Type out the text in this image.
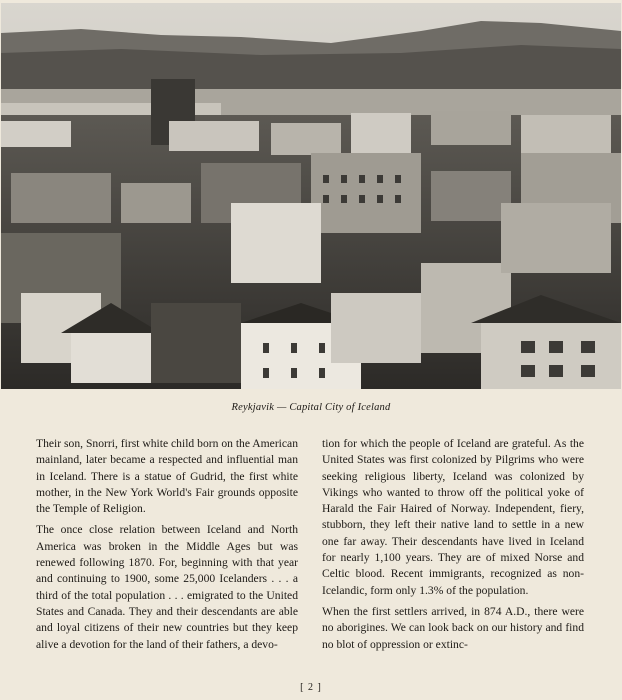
Reykjavik — Capital City of Iceland

Their son, Snorri, first white child born on the American mainland, later became a respected and influential man in Iceland. There is a statue of Gudrid, the first white mother, in the New York World's Fair grounds opposite the Temple of Religion.

The once close relation between Iceland and North America was broken in the Middle Ages but was renewed following 1870. For, beginning with that year and continuing to 1900, some 25,000 Icelanders . . . a third of the total population . . . emigrated to the United States and Canada. They and their descendants are able and loyal citizens of their new countries but they keep alive a devotion for the land of their fathers, a devo-

tion for which the people of Iceland are grateful. As the United States was first colonized by Pilgrims who were seeking religious liberty, Iceland was colonized by Vikings who wanted to throw off the political yoke of Harald the Fair Haired of Norway. Independent, fiery, stubborn, they left their native land to settle in a new one far away. Their descendants have lived in Iceland for nearly 1,100 years. They are of mixed Norse and Celtic blood. Recent immigrants, recognized as non-Icelandic, form only 1.3% of the population.

When the first settlers arrived, in 874 A.D., there were no aborigines. We can look back on our history and find no blot of oppression or extinc-

[ 2 ]
